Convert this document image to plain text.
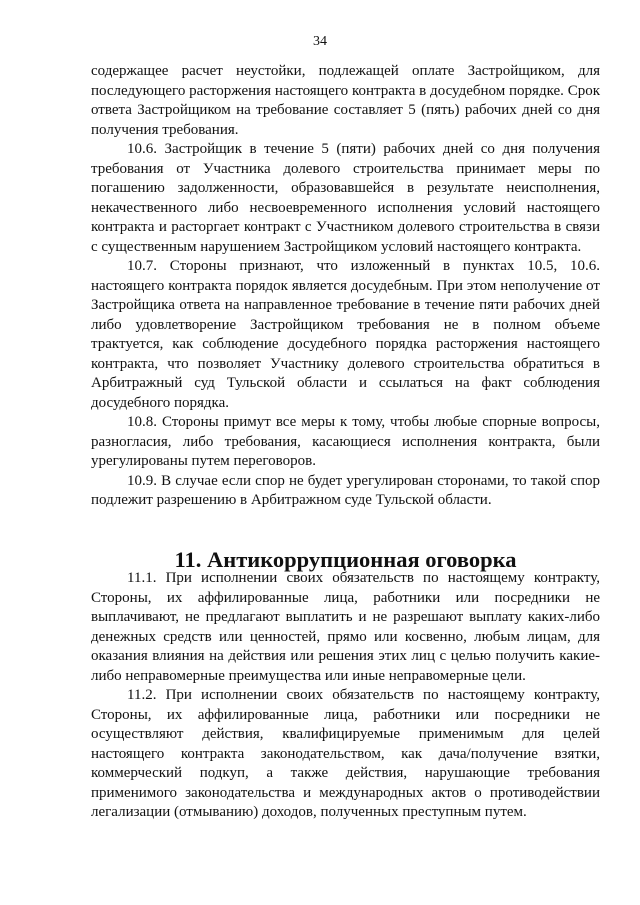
34

содержащее расчет неустойки, подлежащей оплате Застройщиком, для последующего расторжения настоящего контракта в досудебном порядке. Срок ответа Застройщиком на требование составляет 5 (пять) рабочих дней со дня получения требования.

10.6. Застройщик в течение 5 (пяти) рабочих дней со дня получения требования от Участника долевого строительства принимает меры по погашению задолженности, образовавшейся в результате неисполнения, некачественного либо несвоевременного исполнения условий настоящего контракта и расторгает контракт с Участником долевого строительства в связи с существенным нарушением Застройщиком условий настоящего контракта.

10.7. Стороны признают, что изложенный в пунктах 10.5, 10.6. настоящего контракта порядок является досудебным. При этом неполучение от Застройщика ответа на направленное требование в течение пяти рабочих дней либо удовлетворение Застройщиком требования не в полном объеме трактуется, как соблюдение досудебного порядка расторжения настоящего контракта, что позволяет Участнику долевого строительства обратиться в Арбитражный суд Тульской области и ссылаться на факт соблюдения досудебного порядка.

10.8. Стороны примут все меры к тому, чтобы любые спорные вопросы, разногласия, либо требования, касающиеся исполнения контракта, были урегулированы путем переговоров.

10.9. В случае если спор не будет урегулирован сторонами, то такой спор подлежит разрешению в Арбитражном суде Тульской области.

11. Антикоррупционная оговорка

11.1. При исполнении своих обязательств по настоящему контракту, Стороны, их аффилированные лица, работники или посредники не выплачивают, не предлагают выплатить и не разрешают выплату каких-либо денежных средств или ценностей, прямо или косвенно, любым лицам, для оказания влияния на действия или решения этих лиц с целью получить какие-либо неправомерные преимущества или иные неправомерные цели.

11.2. При исполнении своих обязательств по настоящему контракту, Стороны, их аффилированные лица, работники или посредники не осуществляют действия, квалифицируемые применимым для целей настоящего контракта законодательством, как дача/получение взятки, коммерческий подкуп, а также действия, нарушающие требования применимого законодательства и международных актов о противодействии легализации (отмыванию) доходов, полученных преступным путем.
